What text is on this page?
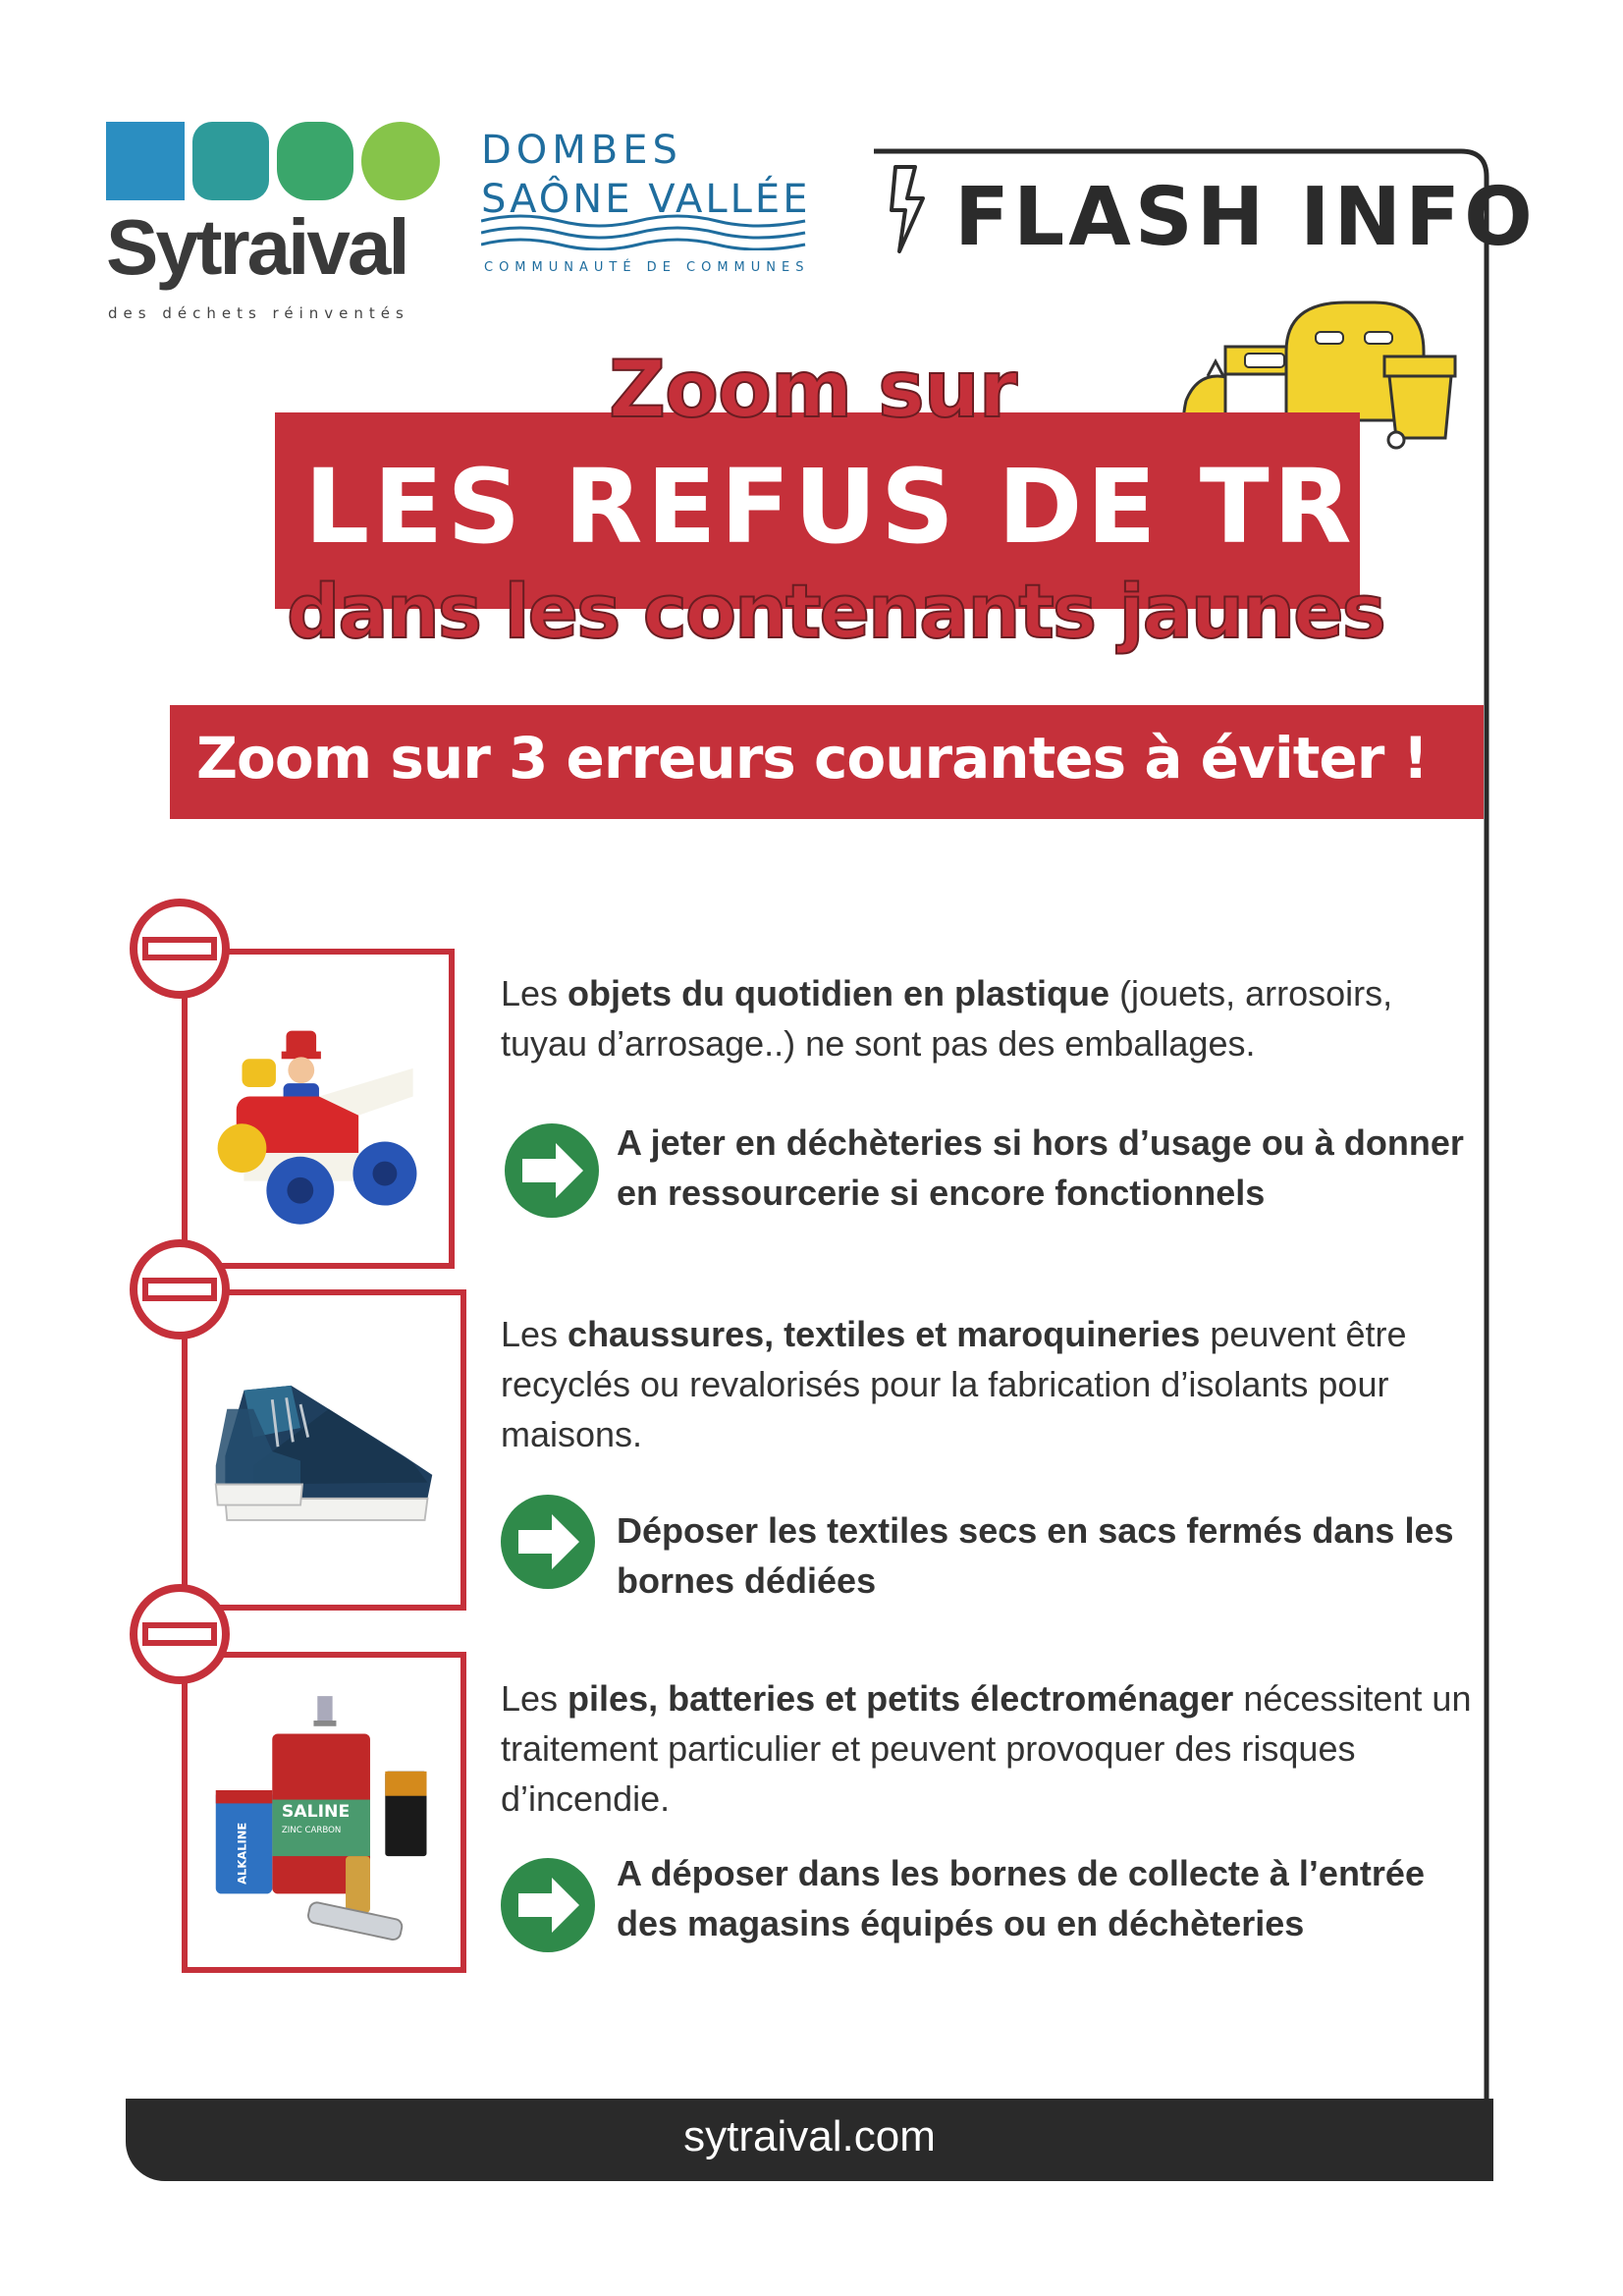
Sytraival
des déchets réinventés
DOMBES
SAÔNE VALLÉE
COMMUNAUTÉ DE COMMUNES
FLASH INFO
Zoom sur
LES REFUS DE TRI
dans les contenants jaunes
Zoom sur 3 erreurs courantes à éviter !
Les objets du quotidien en plastique (jouets, arrosoirs, tuyau d’arrosage..) ne sont pas des emballages.
A jeter en déchèteries si hors d’usage ou à donner en ressourcerie si encore fonctionnels
Les chaussures, textiles et maroquineries peuvent être recyclés ou revalorisés pour la fabrication d’isolants pour maisons.
Déposer les textiles secs en sacs fermés dans les bornes dédiées
SALINE
ZINC CARBON
ALKALINE
Les piles, batteries et petits électroménager nécessitent un traitement particulier et peuvent provoquer des risques d’incendie.
A déposer dans les bornes de collecte à l’entrée des magasins équipés ou en déchèteries
sytraival.com
